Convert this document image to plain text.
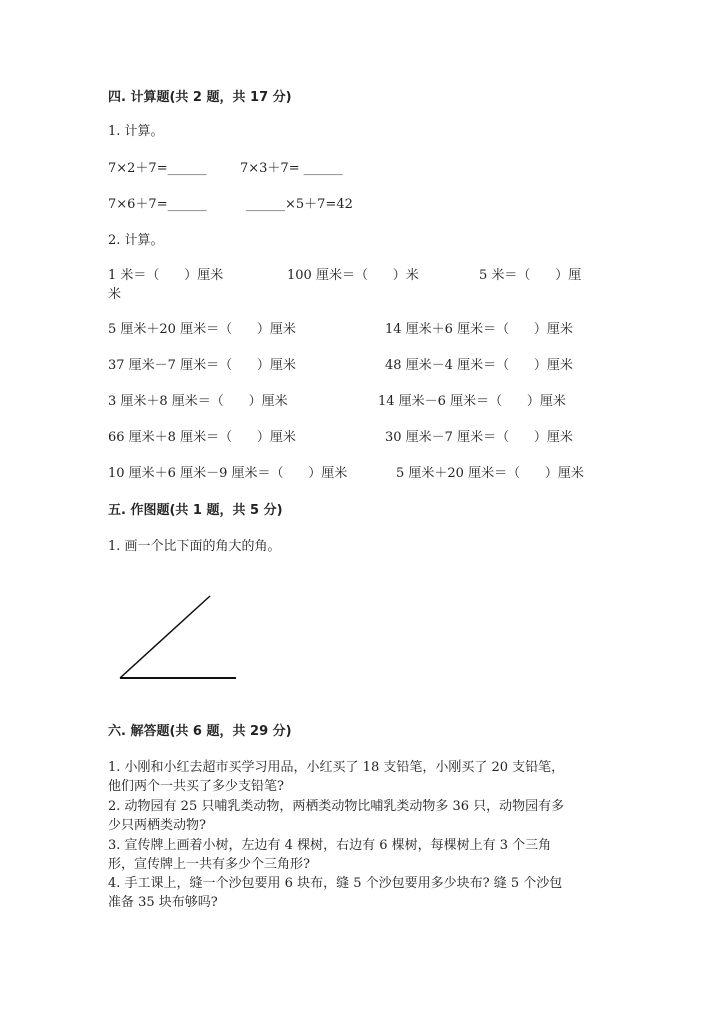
四. 计算题(共 2 题，共 17 分)
1. 计算。
7×2＋7=______	7×3＋7= ______
7×6＋7=______	______×5＋7=42
2. 计算。
1 米＝（      ）厘米	100 厘米＝（      ）米	5 米＝（      ）厘
米
5 厘米＋20 厘米＝（      ）厘米	14 厘米＋6 厘米＝（      ）厘米
37 厘米－7 厘米＝（      ）厘米	48 厘米－4 厘米＝（      ）厘米
3 厘米＋8 厘米＝（      ）厘米	14 厘米－6 厘米＝（      ）厘米
66 厘米＋8 厘米＝（      ）厘米	30 厘米－7 厘米＝（      ）厘米
10 厘米＋6 厘米－9 厘米＝（      ）厘米	5 厘米＋20 厘米＝（      ）厘米
五. 作图题(共 1 题，共 5 分)
1. 画一个比下面的角大的角。
六. 解答题(共 6 题，共 29 分)
1. 小刚和小红去超市买学习用品，小红买了 18 支铅笔，小刚买了 20 支铅笔，
他们两个一共买了多少支铅笔?
2. 动物园有 25 只哺乳类动物，两栖类动物比哺乳类动物多 36 只，动物园有多
少只两栖类动物?
3. 宣传牌上画着小树，左边有 4 棵树，右边有 6 棵树，每棵树上有 3 个三角
形，宣传牌上一共有多少个三角形?
4. 手工课上，缝一个沙包要用 6 块布，缝 5 个沙包要用多少块布? 缝 5 个沙包
准备 35 块布够吗?
